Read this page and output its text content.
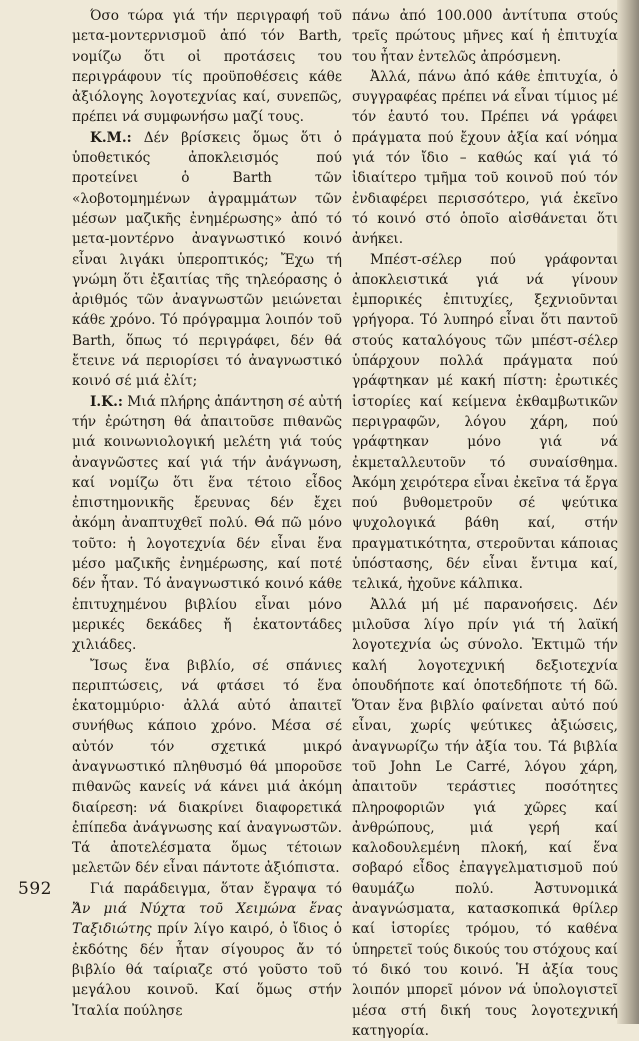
Όσο τώρα γιά τήν περιγραφή τοῦ μετα-μοντερνισμοῦ ἀπό τόν Barth, νομίζω ὅτι οἱ προτάσεις του περιγράφουν τίς προϋποθέσεις κάθε ἀξιόλογης λογοτεχνίας καί, συνεπῶς, πρέπει νά συμφωνήσω μαζί τους.

Κ.Μ.: Δέν βρίσκεις ὅμως ὅτι ὁ ὑποθετικός ἀποκλεισμός πού προτείνει ὁ Barth τῶν «λοβοτομημένων ἀγραμμάτων τῶν μέσων μαζικῆς ἐνημέρωσης» ἀπό τό μετα-μοντέρνο ἀναγνωστικό κοινό εἶναι λιγάκι ὑπεροπτικός; Ἔχω τή γνώμη ὅτι ἐξαιτίας τῆς τηλεόρασης ὁ ἀριθμός τῶν ἀναγνωστῶν μειώνεται κάθε χρόνο. Τό πρόγραμμα λοιπόν τοῦ Barth, ὅπως τό περιγράφει, δέν θά ἔτεινε νά περιορίσει τό ἀναγνωστικό κοινό σέ μιά ἐλίτ;

Ι.Κ.: Μιά πλήρης ἀπάντηση σέ αὐτή τήν ἐρώτηση θά ἀπαιτοῦσε πιθανῶς μιά κοινωνιολογική μελέτη γιά τούς ἀναγνῶστες καί γιά τήν ἀνάγνωση, καί νομίζω ὅτι ἕνα τέτοιο εἶδος ἐπιστημονικῆς ἔρευνας δέν ἔχει ἀκόμη ἀναπτυχθεῖ πολύ. Θά πῶ μόνο τοῦτο: ἡ λογοτεχνία δέν εἶναι ἕνα μέσο μαζικῆς ἐνημέρωσης, καί ποτέ δέν ἦταν. Τό ἀναγνωστικό κοινό κάθε ἐπιτυχημένου βιβλίου εἶναι μόνο μερικές δεκάδες ἤ ἑκατοντάδες χιλιάδες.

Ἴσως ἕνα βιβλίο, σέ σπάνιες περιπτώσεις, νά φτάσει τό ἕνα ἑκατομμύριο· ἀλλά αὐτό ἀπαιτεῖ συνήθως κάποιο χρόνο. Μέσα σέ αὐτόν τόν σχετικά μικρό ἀναγνωστικό πληθυσμό θά μποροῦσε πιθανῶς κανείς νά κάνει μιά ἀκόμη διαίρεση: νά διακρίνει διαφορετικά ἐπίπεδα ἀνάγνωσης καί ἀναγνωστῶν. Τά ἀποτελέσματα ὅμως τέτοιων μελετῶν δέν εἶναι πάντοτε ἀξιόπιστα.

Γιά παράδειγμα, ὅταν ἔγραψα τό Ἄν μιά Νύχτα τοῦ Χειμώνα ἕνας Ταξιδιώτης πρίν λίγο καιρό, ὁ ἴδιος ὁ ἐκδότης δέν ἦταν σίγουρος ἄν τό βιβλίο θά ταίριαζε στό γοῦστο τοῦ μεγάλου κοινοῦ. Καί ὅμως στήν Ἰταλία πούλησε

πάνω ἀπό 100.000 ἀντίτυπα στούς τρεῖς πρώτους μῆνες καί ἡ ἐπιτυχία του ἦταν ἐντελῶς ἀπρόσμενη.

Ἀλλά, πάνω ἀπό κάθε ἐπιτυχία, ὁ συγγραφέας πρέπει νά εἶναι τίμιος μέ τόν ἑαυτό του. Πρέπει νά γράφει πράγματα πού ἔχουν ἀξία καί νόημα γιά τόν ἴδιο – καθώς καί γιά τό ἰδιαίτερο τμῆμα τοῦ κοινοῦ πού τόν ἐνδιαφέρει περισσότερο, γιά ἐκεῖνο τό κοινό στό ὁποῖο αἰσθάνεται ὅτι ἀνήκει.

Μπέστ-σέλερ πού γράφονται ἀποκλειστικά γιά νά γίνουν ἐμπορικές ἐπιτυχίες, ξεχνιοῦνται γρήγορα. Τό λυπηρό εἶναι ὅτι παντοῦ στούς καταλόγους τῶν μπέστ-σέλερ ὑπάρχουν πολλά πράγματα πού γράφτηκαν μέ κακή πίστη: ἐρωτικές ἱστορίες καί κείμενα ἐκθαμβωτικῶν περιγραφῶν, λόγου χάρη, πού γράφτηκαν μόνο γιά νά ἐκμεταλλευτοῦν τό συναίσθημα. Ἀκόμη χειρότερα εἶναι ἐκεῖνα τά ἔργα πού βυθομετροῦν σέ ψεύτικα ψυχολογικά βάθη καί, στήν πραγματικότητα, στεροῦνται κάποιας ὑπόστασης, δέν εἶναι ἔντιμα καί, τελικά, ἠχοῦνε κάλπικα.

Ἀλλά μή μέ παρανοήσεις. Δέν μιλοῦσα λίγο πρίν γιά τή λαϊκή λογοτεχνία ὡς σύνολο. Ἐκτιμῶ τήν καλή λογοτεχνική δεξιοτεχνία ὁπουδήποτε καί ὁποτεδήποτε τή δῶ. Ὅταν ἕνα βιβλίο φαίνεται αὐτό πού εἶναι, χωρίς ψεύτικες ἀξιώσεις, ἀναγνωρίζω τήν ἀξία του. Τά βιβλία τοῦ John Le Carré, λόγου χάρη, ἀπαιτοῦν τεράστιες ποσότητες πληροφοριῶν γιά χῶρες καί ἀνθρώπους, μιά γερή καί καλοδουλεμένη πλοκή, καί ἕνα σοβαρό εἶδος ἐπαγγελματισμοῦ πού θαυμάζω πολύ. Ἀστυνομικά ἀναγνώσματα, κατασκοπικά θρίλερ καί ἱστορίες τρόμου, τό καθένα ὑπηρετεῖ τούς δικούς του στόχους καί τό δικό του κοινό. Ἡ ἀξία τους λοιπόν μπορεῖ μόνον νά ὑπολογιστεῖ μέσα στή δική τους λογοτεχνική κατηγορία.

592
